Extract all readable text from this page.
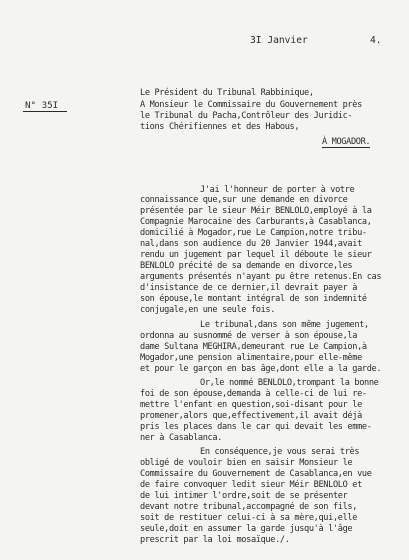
3I Janvier	4.
Le Président du Tribunal Rabbinique,
A Monsieur le Commissaire du Gouvernement près
le Tribunal du Pacha,Contrôleur des Juridic-
tions Chérifiennes et des Habous,
À MOGADOR.
N° 35I
J'ai l'honneur de porter à votre
connaissance que,sur une demande en divorce
présentée par le sieur Méir BENLOLO,employé à la
Compagnie Marocaine des Carburants,à Casablanca,
domicilié à Mogador,rue Le Campion,notre tribu-
nal,dans son audience du 20 Janvier 1944,avait
rendu un jugement par lequel il déboute le sieur
BENLOLO précité de sa demande en divorce,les
arguments présentés n'ayant pu être retenus.En cas
d'insistance de ce dernier,il devrait payer à
son épouse,le montant intégral de son indemnité
conjugale,en une seule fois.
Le tribunal,dans son même jugement,
ordonna au susnommé de verser à son épouse,la
dame Sultana MEGHIRA,demeurant rue Le Campion,à
Mogador,une pension alimentaire,pour elle-même
et pour le garçon en bas âge,dont elle a la garde.
Or,le nommé BENLOLO,trompant la bonne
foi de son épouse,demanda à celle-ci de lui re-
mettre l'enfant en question,soi-disant pour le
promener,alors que,effectivement,il avait déjà
pris les places dans le car qui devait les emme-
ner à Casablanca.
En conséquence,je vous serai très
obligé de vouloir bien en saisir Monsieur le
Commissaire du Gouvernement de Casablanca,en vue
de faire convoquer ledit sieur Méir BENLOLO et
de lui intimer l'ordre,soit de se présenter
devant notre tribunal,accompagné de son fils,
soit de restituer celui-ci à sa mère,qui,elle
seule,doit en assumer la garde jusqu'à l'âge
prescrit par la loi mosaïque./.
